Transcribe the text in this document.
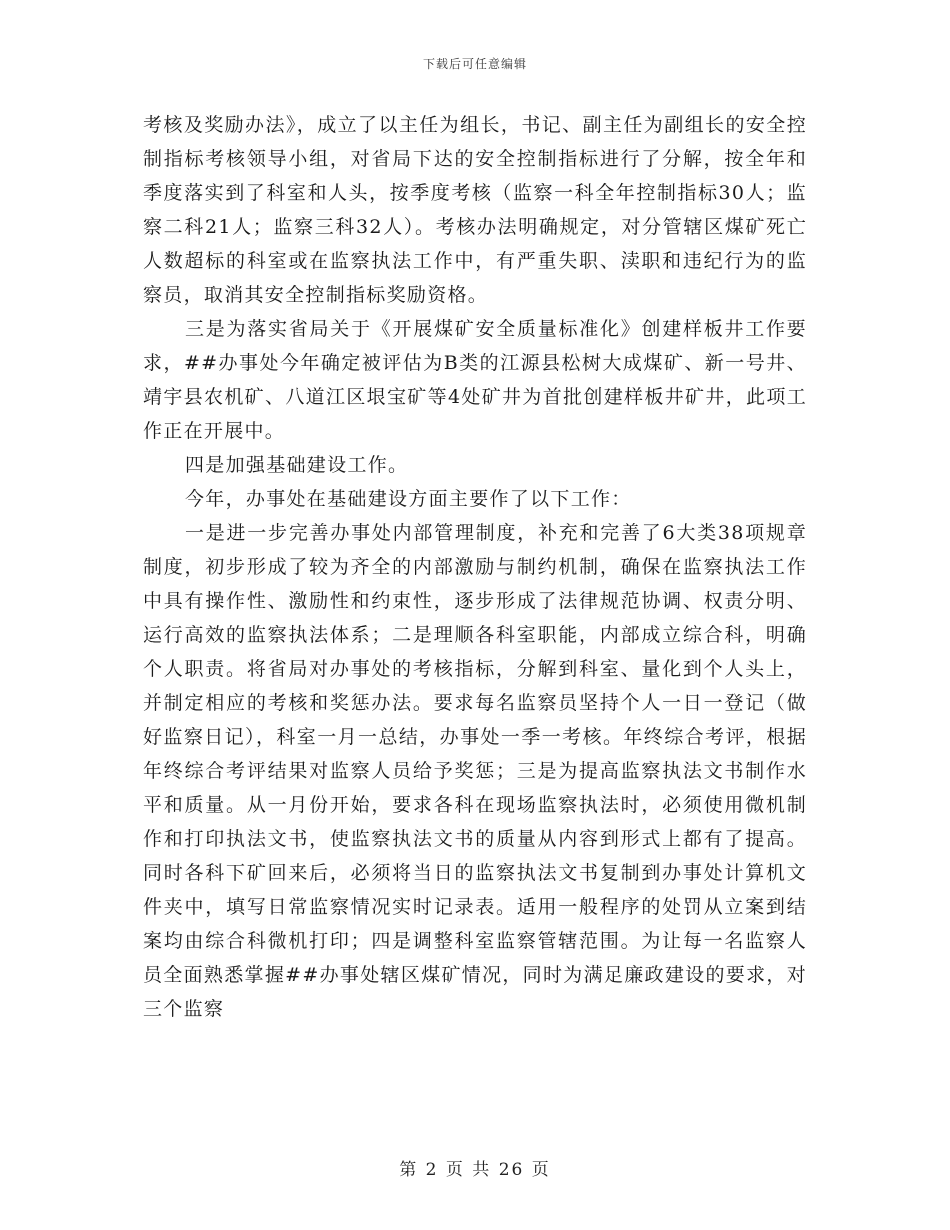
下载后可任意编辑

考核及奖励办法》，成立了以主任为组长，书记、副主任为副组长的安全控制指标考核领导小组，对省局下达的安全控制指标进行了分解，按全年和季度落实到了科室和人头，按季度考核（监察一科全年控制指标30人；监察二科21人；监察三科32人）。考核办法明确规定，对分管辖区煤矿死亡人数超标的科室或在监察执法工作中，有严重失职、渎职和违纪行为的监察员，取消其安全控制指标奖励资格。

三是为落实省局关于《开展煤矿安全质量标准化》创建样板井工作要求，##办事处今年确定被评估为B类的江源县松树大成煤矿、新一号井、靖宇县农机矿、八道江区垠宝矿等4处矿井为首批创建样板井矿井，此项工作正在开展中。

四是加强基础建设工作。

今年，办事处在基础建设方面主要作了以下工作：

一是进一步完善办事处内部管理制度，补充和完善了6大类38项规章制度，初步形成了较为齐全的内部激励与制约机制，确保在监察执法工作中具有操作性、激励性和约束性，逐步形成了法律规范协调、权责分明、运行高效的监察执法体系；二是理顺各科室职能，内部成立综合科，明确个人职责。将省局对办事处的考核指标，分解到科室、量化到个人头上，并制定相应的考核和奖惩办法。要求每名监察员坚持个人一日一登记（做好监察日记），科室一月一总结，办事处一季一考核。年终综合考评，根据年终综合考评结果对监察人员给予奖惩；三是为提高监察执法文书制作水平和质量。从一月份开始，要求各科在现场监察执法时，必须使用微机制作和打印执法文书，使监察执法文书的质量从内容到形式上都有了提高。同时各科下矿回来后，必须将当日的监察执法文书复制到办事处计算机文件夹中，填写日常监察情况实时记录表。适用一般程序的处罚从立案到结案均由综合科微机打印；四是调整科室监察管辖范围。为让每一名监察人员全面熟悉掌握##办事处辖区煤矿情况，同时为满足廉政建设的要求，对三个监察

第 2 页 共 26 页
